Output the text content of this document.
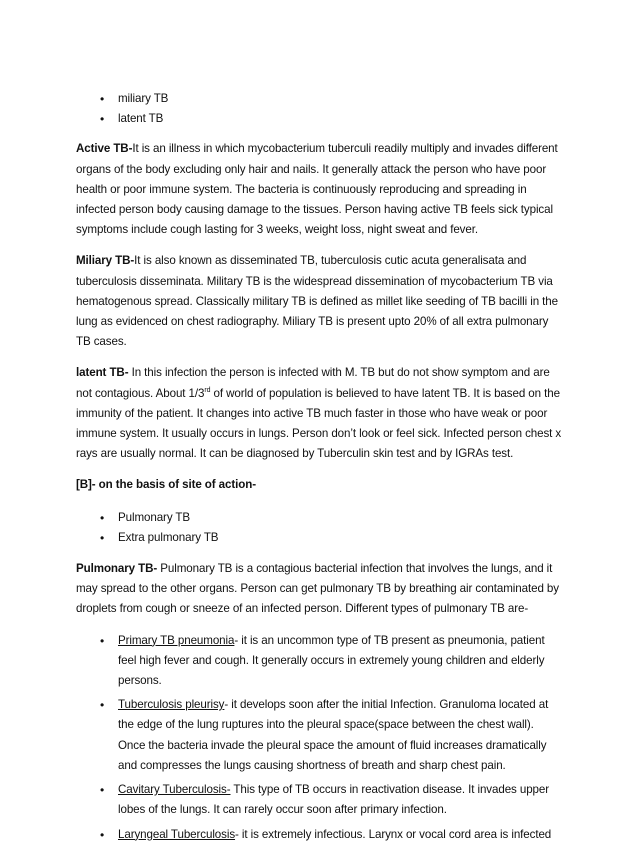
• miliary TB
• latent TB

Active TB-It is an illness in which mycobacterium tuberculi readily multiply and invades different organs of the body excluding only hair and nails. It generally attack the person who have poor health or poor immune system. The bacteria is continuously reproducing and spreading in infected person body causing damage to the tissues. Person having active TB feels sick typical symptoms include cough lasting for 3 weeks, weight loss, night sweat and fever.

Miliary TB-It is also known as disseminated TB, tuberculosis cutic acuta generalisata and tuberculosis disseminata. Military TB is the widespread dissemination of mycobacterium TB via hematogenous spread. Classically military TB is defined as millet like seeding of TB bacilli in the lung as evidenced on chest radiography. Miliary TB is present upto 20% of all extra pulmonary TB cases.

latent TB- In this infection the person is infected with M. TB but do not show symptom and are not contagious. About 1/3rd of world of population is believed to have latent TB. It is based on the immunity of the patient. It changes into active TB much faster in those who have weak or poor immune system. It usually occurs in lungs. Person don’t look or feel sick. Infected person chest x rays are usually normal. It can be diagnosed by Tuberculin skin test and by IGRAs test.

[B]- on the basis of site of action-

• Pulmonary TB
• Extra pulmonary TB

Pulmonary TB- Pulmonary TB is a contagious bacterial infection that involves the lungs, and it may spread to the other organs. Person can get pulmonary TB by breathing air contaminated by droplets from cough or sneeze of an infected person. Different types of pulmonary TB are-

• Primary TB pneumonia- it is an uncommon type of TB present as pneumonia, patient feel high fever and cough. It generally occurs in extremely young children and elderly persons.
• Tuberculosis pleurisy- it develops soon after the initial Infection. Granuloma located at the edge of the lung ruptures into the pleural space(space between the chest wall). Once the bacteria invade the pleural space the amount of fluid increases dramatically and compresses the lungs causing shortness of breath and sharp chest pain.
• Cavitary Tuberculosis- This type of TB occurs in reactivation disease. It invades upper lobes of the lungs. It can rarely occur soon after primary infection.
• Laryngeal Tuberculosis- it is extremely infectious. Larynx or vocal cord area is infected
